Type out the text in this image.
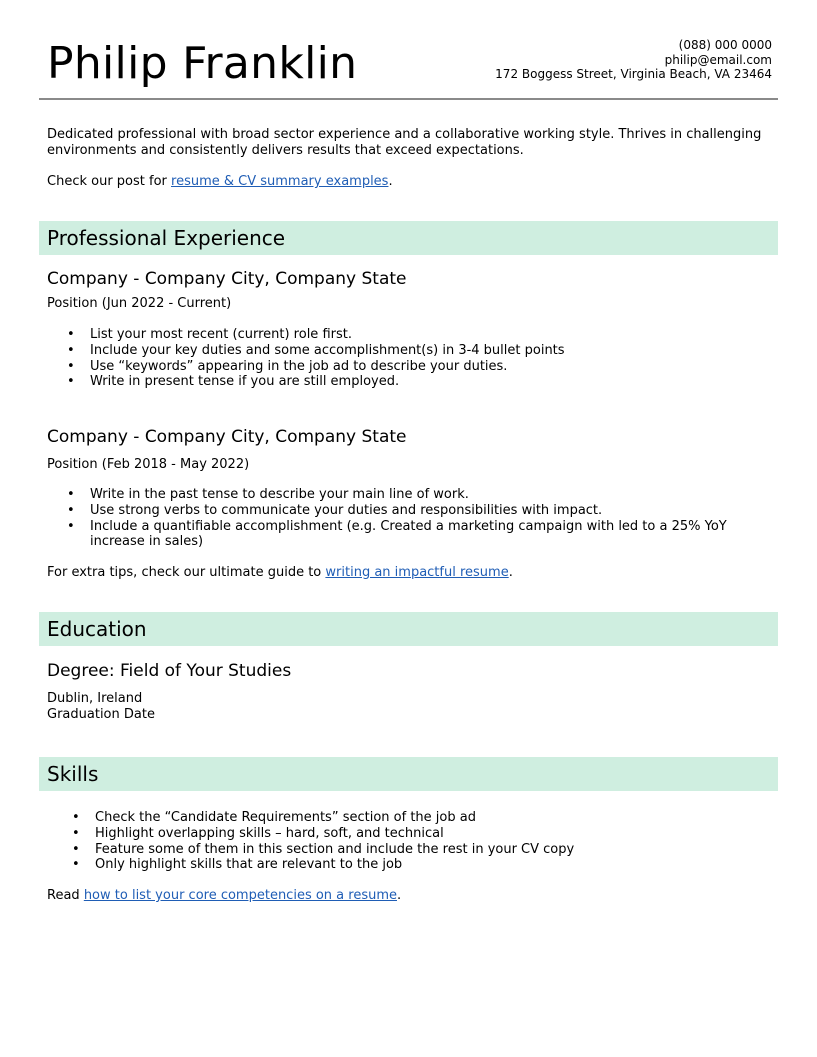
Philip Franklin	(088) 000 0000
philip@email.com
172 Boggess Street, Virginia Beach, VA 23464

Dedicated professional with broad sector experience and a collaborative working style. Thrives in challenging environments and consistently delivers results that exceed expectations.

Check our post for resume & CV summary examples.

Professional Experience
Company - Company City, Company State

Position (Jun 2022 - Current)

• List your most recent (current) role first.
• Include your key duties and some accomplishment(s) in 3-4 bullet points
• Use “keywords” appearing in the job ad to describe your duties.
• Write in present tense if you are still employed.
Company - Company City, Company State

Position (Feb 2018 - May 2022)

• Write in the past tense to describe your main line of work.
• Use strong verbs to communicate your duties and responsibilities with impact.
• Include a quantifiable accomplishment (e.g. Created a marketing campaign with led to a 25% YoY increase in sales)

For extra tips, check our ultimate guide to writing an impactful resume.

Education
Degree: Field of Your Studies

Dublin, Ireland

Graduation Date

Skills
• Check the “Candidate Requirements” section of the job ad
• Highlight overlapping skills – hard, soft, and technical
• Feature some of them in this section and include the rest in your CV copy
• Only highlight skills that are relevant to the job

Read how to list your core competencies on a resume.
